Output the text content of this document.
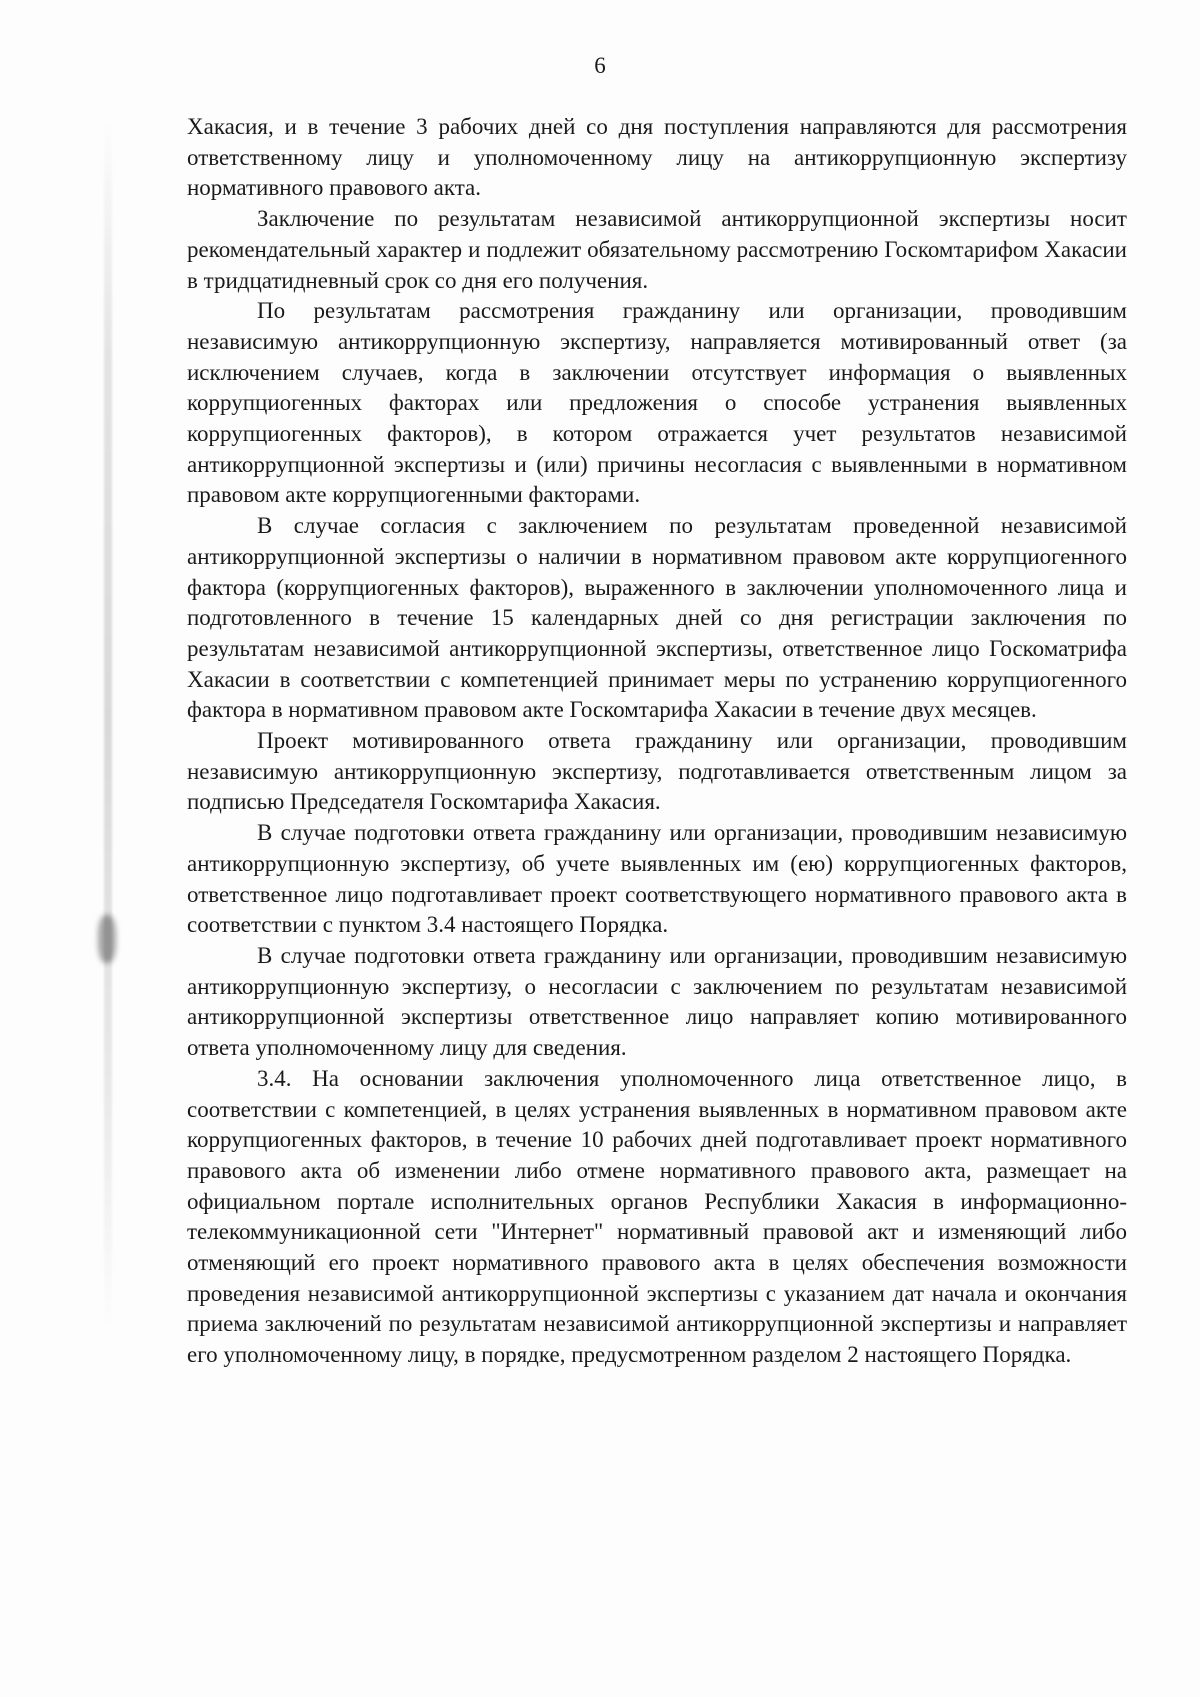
6

Хакасия, и в течение 3 рабочих дней со дня поступления направляются для рассмотрения ответственному лицу и уполномоченному лицу на антикоррупционную экспертизу нормативного правового акта.

Заключение по результатам независимой антикоррупционной экспертизы носит рекомендательный характер и подлежит обязательному рассмотрению Госкомтарифом Хакасии в тридцатидневный срок со дня его получения.

По результатам рассмотрения гражданину или организации, проводившим независимую антикоррупционную экспертизу, направляется мотивированный ответ (за исключением случаев, когда в заключении отсутствует информация о выявленных коррупциогенных факторах или предложения о способе устранения выявленных коррупциогенных факторов), в котором отражается учет результатов независимой антикоррупционной экспертизы и (или) причины несогласия с выявленными в нормативном правовом акте коррупциогенными факторами.

В случае согласия с заключением по результатам проведенной независимой антикоррупционной экспертизы о наличии в нормативном правовом акте коррупциогенного фактора (коррупциогенных факторов), выраженного в заключении уполномоченного лица и подготовленного в течение 15 календарных дней со дня регистрации заключения по результатам независимой антикоррупционной экспертизы, ответственное лицо Госкоматрифа Хакасии в соответствии с компетенцией принимает меры по устранению коррупциогенного фактора в нормативном правовом акте Госкомтарифа Хакасии в течение двух месяцев.

Проект мотивированного ответа гражданину или организации, проводившим независимую антикоррупционную экспертизу, подготавливается ответственным лицом за подписью Председателя Госкомтарифа Хакасия.

В случае подготовки ответа гражданину или организации, проводившим независимую антикоррупционную экспертизу, об учете выявленных им (ею) коррупциогенных факторов, ответственное лицо подготавливает проект соответствующего нормативного правового акта в соответствии с пунктом 3.4 настоящего Порядка.

В случае подготовки ответа гражданину или организации, проводившим независимую антикоррупционную экспертизу, о несогласии с заключением по результатам независимой антикоррупционной экспертизы ответственное лицо направляет копию мотивированного ответа уполномоченному лицу для сведения.

3.4. На основании заключения уполномоченного лица ответственное лицо, в соответствии с компетенцией, в целях устранения выявленных в нормативном правовом акте коррупциогенных факторов, в течение 10 рабочих дней подготавливает проект нормативного правового акта об изменении либо отмене нормативного правового акта, размещает на официальном портале исполнительных органов Республики Хакасия в информационно-телекоммуникационной сети "Интернет" нормативный правовой акт и изменяющий либо отменяющий его проект нормативного правового акта в целях обеспечения возможности проведения независимой антикоррупционной экспертизы с указанием дат начала и окончания приема заключений по результатам независимой антикоррупционной экспертизы и направляет его уполномоченному лицу, в порядке, предусмотренном разделом 2 настоящего Порядка.
